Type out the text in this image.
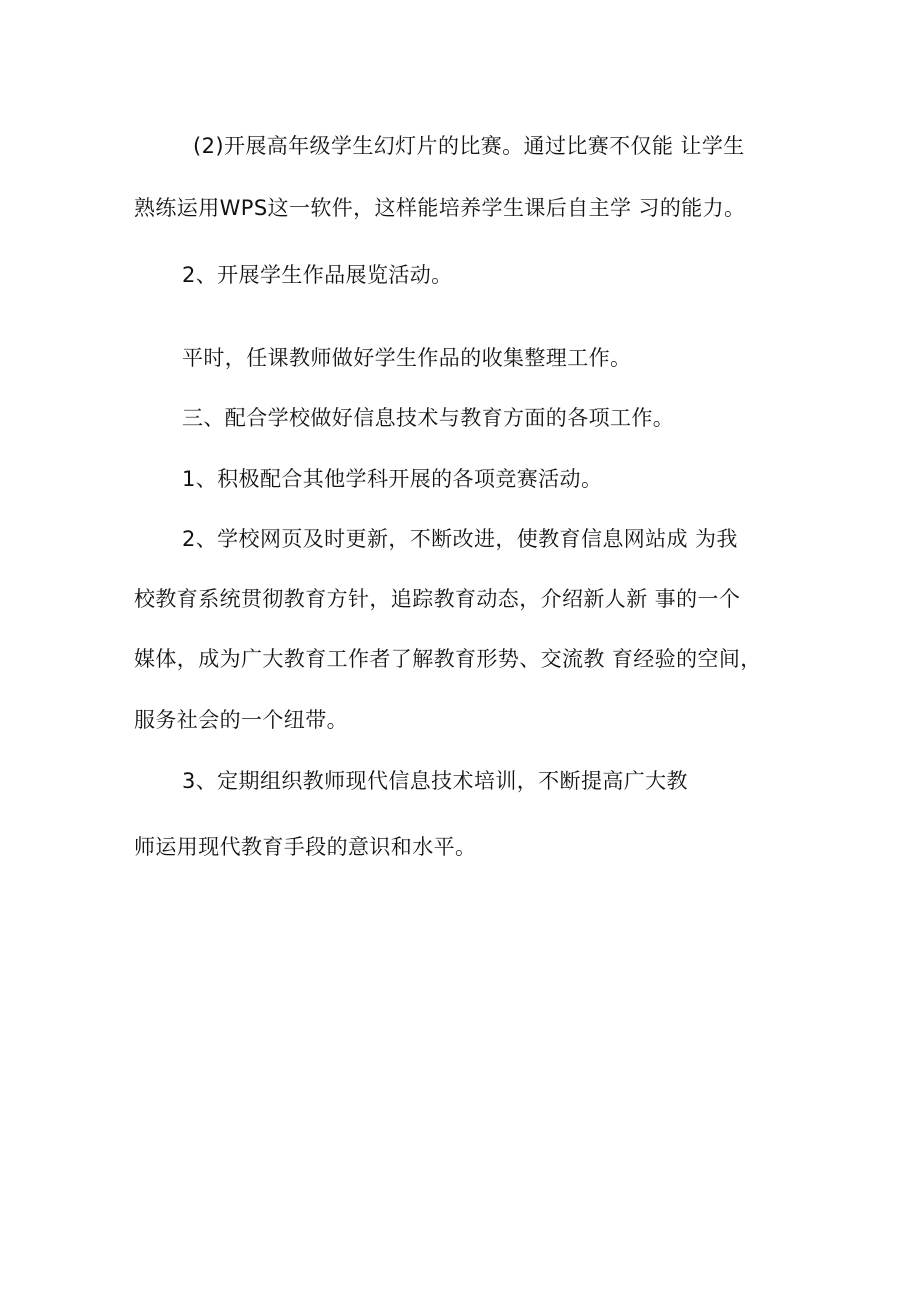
(2)开展高年级学生幻灯片的比赛。通过比赛不仅能 让学生
熟练运用WPS这一软件，这样能培养学生课后自主学 习的能力。
2、开展学生作品展览活动。
平时，任课教师做好学生作品的收集整理工作。
三、配合学校做好信息技术与教育方面的各项工作。
1、积极配合其他学科开展的各项竞赛活动。
2、学校网页及时更新，不断改进，使教育信息网站成 为我
校教育系统贯彻教育方针，追踪教育动态，介绍新人新 事的一个
媒体，成为广大教育工作者了解教育形势、交流教 育经验的空间，
服务社会的一个纽带。
3、定期组织教师现代信息技术培训，不断提高广大教
师运用现代教育手段的意识和水平。
